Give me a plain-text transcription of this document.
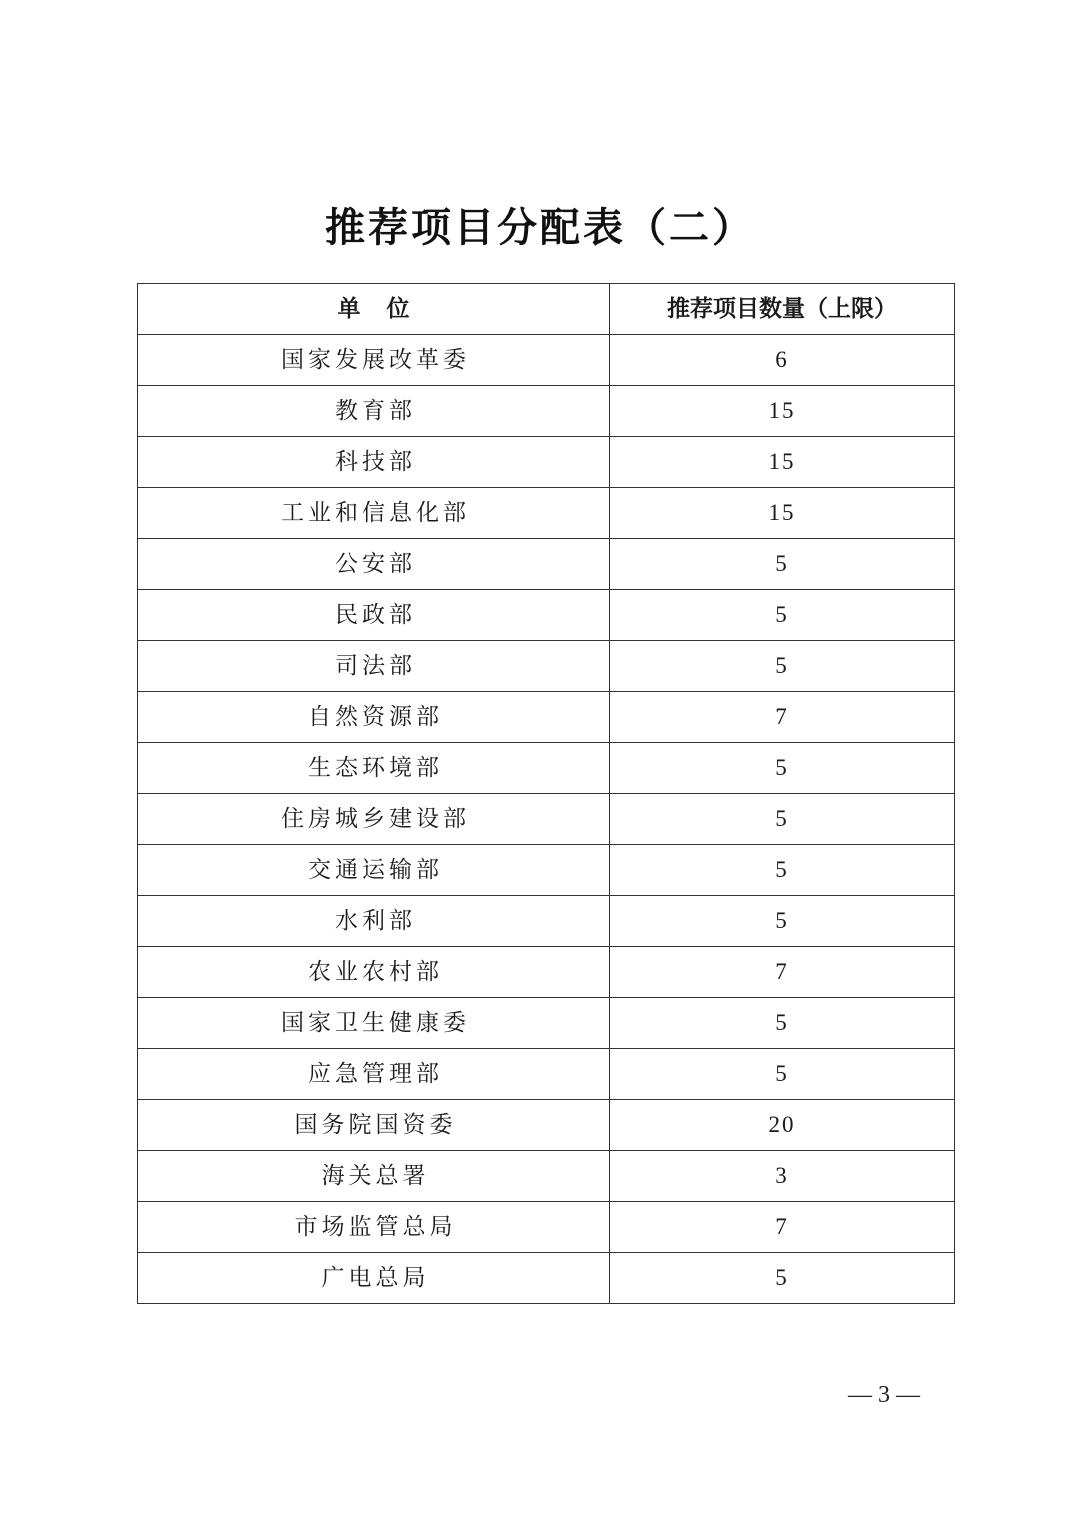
推荐项目分配表（二）
单位	推荐项目数量（上限）
国家发展改革委	6
教育部	15
科技部	15
工业和信息化部	15
公安部	5
民政部	5
司法部	5
自然资源部	7
生态环境部	5
住房城乡建设部	5
交通运输部	5
水利部	5
农业农村部	7
国家卫生健康委	5
应急管理部	5
国务院国资委	20
海关总署	3
市场监管总局	7
广电总局	5
— 3 —
